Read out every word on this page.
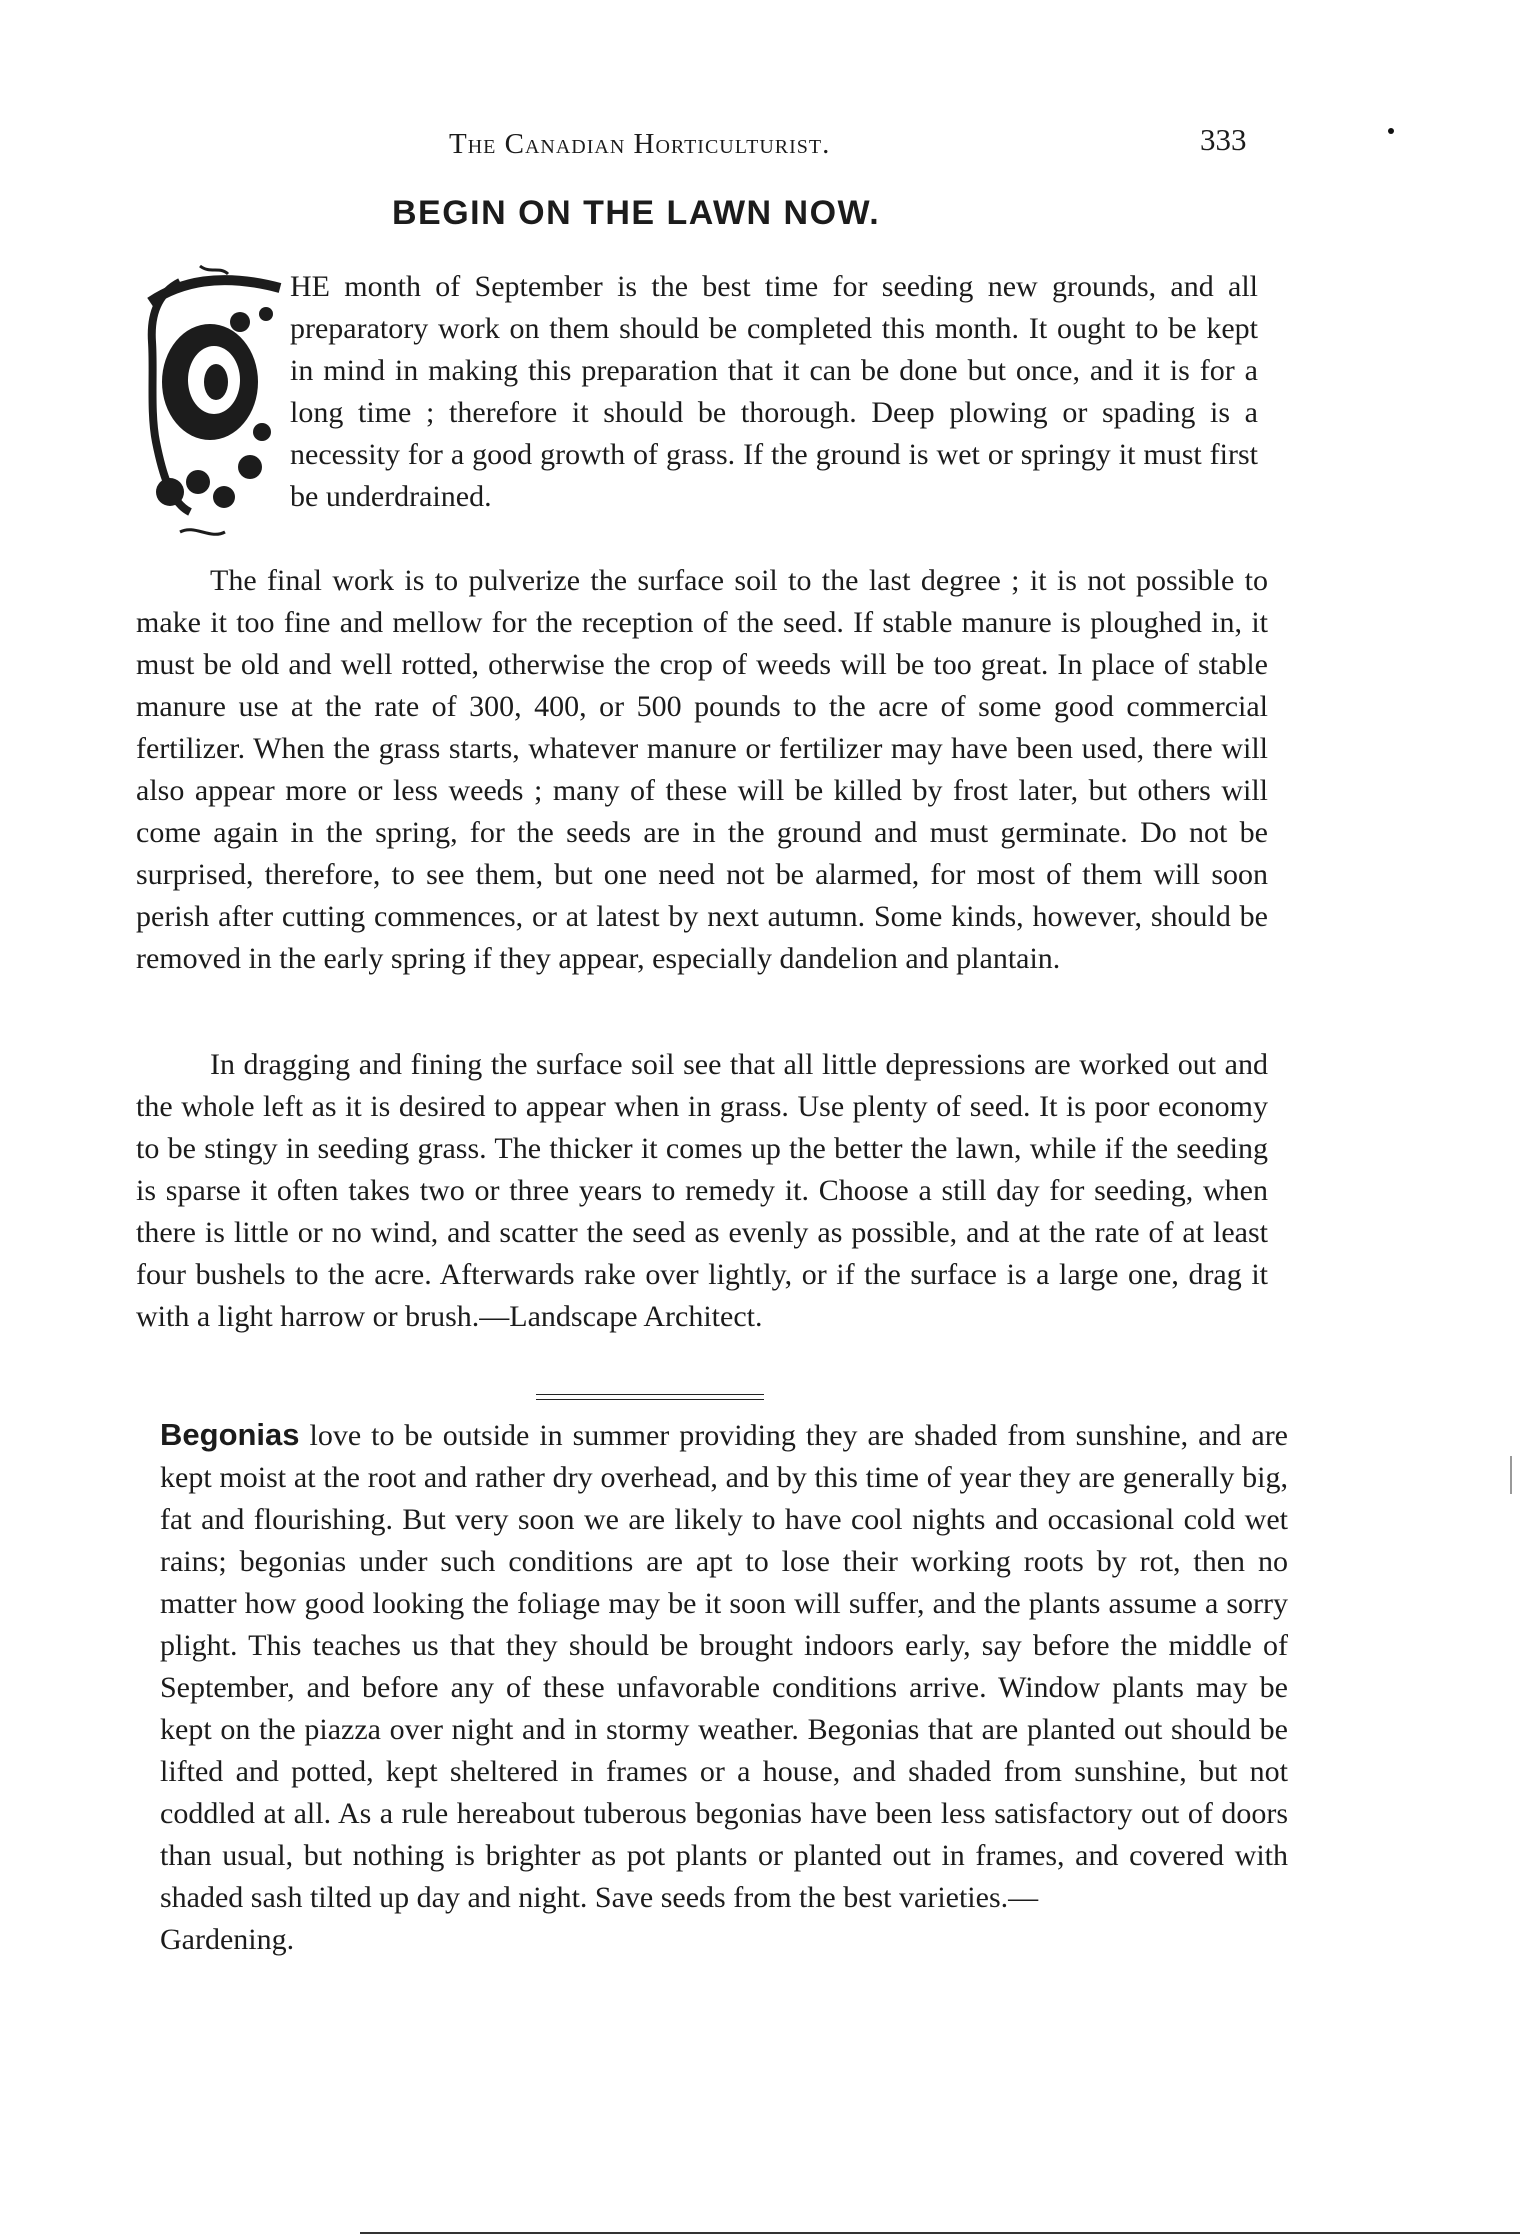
The Canadian Horticulturist.	333
BEGIN ON THE LAWN NOW.
HE month of September is the best time for seeding new grounds, and all preparatory work on them should be completed this month. It ought to be kept in mind in making this preparation that it can be done but once, and it is for a long time ; therefore it should be thorough. Deep plowing or spading is a necessity for a good growth of grass. If the ground is wet or springy it must first be underdrained.
The final work is to pulverize the surface soil to the last degree ; it is not possible to make it too fine and mellow for the reception of the seed. If stable manure is ploughed in, it must be old and well rotted, otherwise the crop of weeds will be too great. In place of stable manure use at the rate of 300, 400, or 500 pounds to the acre of some good commercial fertilizer. When the grass starts, whatever manure or fertilizer may have been used, there will also appear more or less weeds ; many of these will be killed by frost later, but others will come again in the spring, for the seeds are in the ground and must germinate. Do not be surprised, therefore, to see them, but one need not be alarmed, for most of them will soon perish after cutting commences, or at latest by next autumn. Some kinds, however, should be removed in the early spring if they appear, especially dandelion and plantain.
In dragging and fining the surface soil see that all little depressions are worked out and the whole left as it is desired to appear when in grass. Use plenty of seed. It is poor economy to be stingy in seeding grass. The thicker it comes up the better the lawn, while if the seeding is sparse it often takes two or three years to remedy it. Choose a still day for seeding, when there is little or no wind, and scatter the seed as evenly as possible, and at the rate of at least four bushels to the acre. Afterwards rake over lightly, or if the surface is a large one, drag it with a light harrow or brush.—Landscape Architect.
Begonias love to be outside in summer providing they are shaded from sunshine, and are kept moist at the root and rather dry overhead, and by this time of year they are generally big, fat and flourishing. But very soon we are likely to have cool nights and occasional cold wet rains; begonias under such conditions are apt to lose their working roots by rot, then no matter how good looking the foliage may be it soon will suffer, and the plants assume a sorry plight. This teaches us that they should be brought indoors early, say before the middle of September, and before any of these unfavorable conditions arrive. Window plants may be kept on the piazza over night and in stormy weather. Begonias that are planted out should be lifted and potted, kept sheltered in frames or a house, and shaded from sunshine, but not coddled at all. As a rule hereabout tuberous begonias have been less satisfactory out of doors than usual, but nothing is brighter as pot plants or planted out in frames, and covered with shaded sash tilted up day and night. Save seeds from the best varieties.—
Gardening.
